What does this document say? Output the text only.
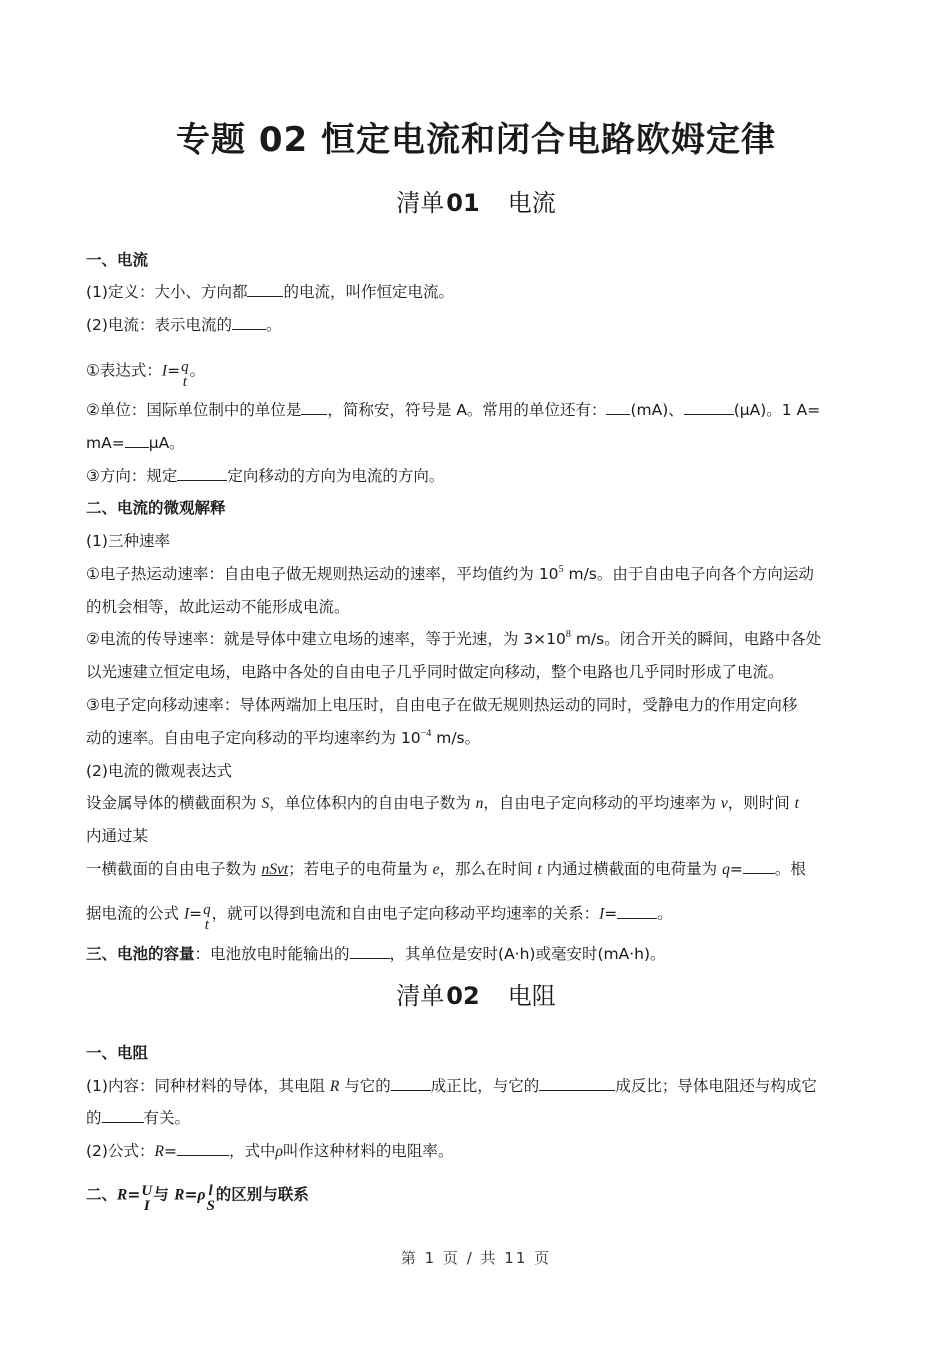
专题 02 恒定电流和闭合电路欧姆定律
清单01 电流
清单02 电阻
一、电流
(1)定义：大小、方向都 的电流，叫作恒定电流。
(2)电流：表示电流的 。
①表达式：I= q
t
。
②单位：国际单位制中的单位是 ，简称安，符号是 A。常用的单位还有： (mA)、	(μA)。1 A=
mA= μA。
③方向：规定	定向移动的方向为电流的方向。
二、电流的微观解释
(1)三种速率
①电子热运动速率：自由电子做无规则热运动的速率，平均值约为 $10^5$ m/s。由于自由电子向各个方向运动
的机会相等，故此运动不能形成电流。
②电流的传导速率：就是导体中建立电场的速率，等于光速，为 $3\times 10^8$ m/s。闭合开关的瞬间，电路中各处
以光速建立恒定电场，电路中各处的自由电子几乎同时做定向移动，整个电路也几乎同时形成了电流。
③电子定向移动速率：导体两端加上电压时，自由电子在做无规则热运动的同时，受静电力的作用定向移
动的速率。自由电子定向移动的平均速率约为 $10^{-4}$ m/s。
(2)电流的微观表达式
设金属导体的横截面积为 S，单位体积内的自由电子数为 n，自由电子定向移动的平均速率为 v，则时间 t
内通过某
一横截面的自由电子数为 nSvt；若电子的电荷量为 e，那么在时间 t 内通过横截面的电荷量为 q= 。根
据电流的公式 I= q
t
，就可以得到电流和自由电子定向移动平均速率的关系：I=	。
三、电池的容量：电池放电时能输出的	，其单位是安时(A·h)或毫安时(mA·h)。
一、电阻
(1)内容：同种材料的导体，其电阻 R 与它的	成正比，与它的	成反比；导体电阻还与构成它
的	有关。
(2)公式：R=	，式中ρ叫作这种材料的电阻率。
二、R= U
I
与 R=ρ l
S
的区别与联系
第 1 页 / 共 11 页
